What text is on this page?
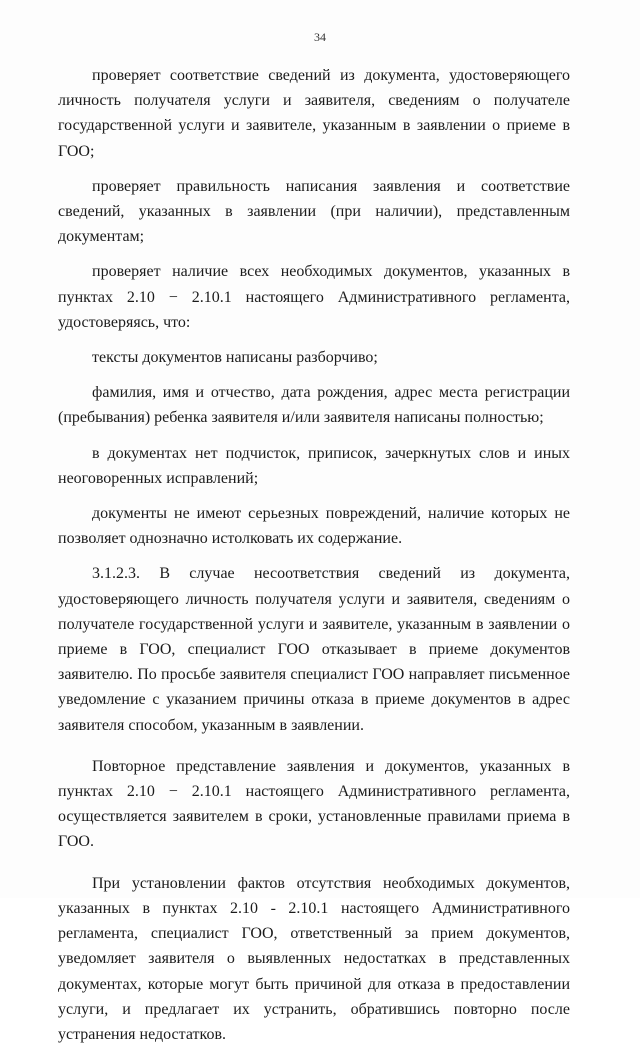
34

проверяет соответствие сведений из документа, удостоверяющего личность получателя услуги и заявителя, сведениям о получателе государственной услуги и заявителе, указанным в заявлении о приеме в ГОО;

проверяет правильность написания заявления и соответствие сведений, указанных в заявлении (при наличии), представленным документам;

проверяет наличие всех необходимых документов, указанных в пунктах 2.10 − 2.10.1 настоящего Административного регламента, удостоверяясь, что:

тексты документов написаны разборчиво;

фамилия, имя и отчество, дата рождения, адрес места регистрации (пребывания) ребенка заявителя и/или заявителя написаны полностью;

в документах нет подчисток, приписок, зачеркнутых слов и иных неоговоренных исправлений;

документы не имеют серьезных повреждений, наличие которых не позволяет однозначно истолковать их содержание.

3.1.2.3. В случае несоответствия сведений из документа, удостоверяющего личность получателя услуги и заявителя, сведениям о получателе государственной услуги и заявителе, указанным в заявлении о приеме в ГОО, специалист ГОО отказывает в приеме документов заявителю. По просьбе заявителя специалист ГОО направляет письменное уведомление с указанием причины отказа в приеме документов в адрес заявителя способом, указанным в заявлении.

Повторное представление заявления и документов, указанных в пунктах 2.10 − 2.10.1 настоящего Административного регламента, осуществляется заявителем в сроки, установленные правилами приема в ГОО.

При установлении фактов отсутствия необходимых документов, указанных в пунктах 2.10 - 2.10.1 настоящего Административного регламента, специалист ГОО, ответственный за прием документов, уведомляет заявителя о выявленных недостатках в представленных документах, которые могут быть причиной для отказа в предоставлении услуги, и предлагает их устранить, обратившись повторно после устранения недостатков.
